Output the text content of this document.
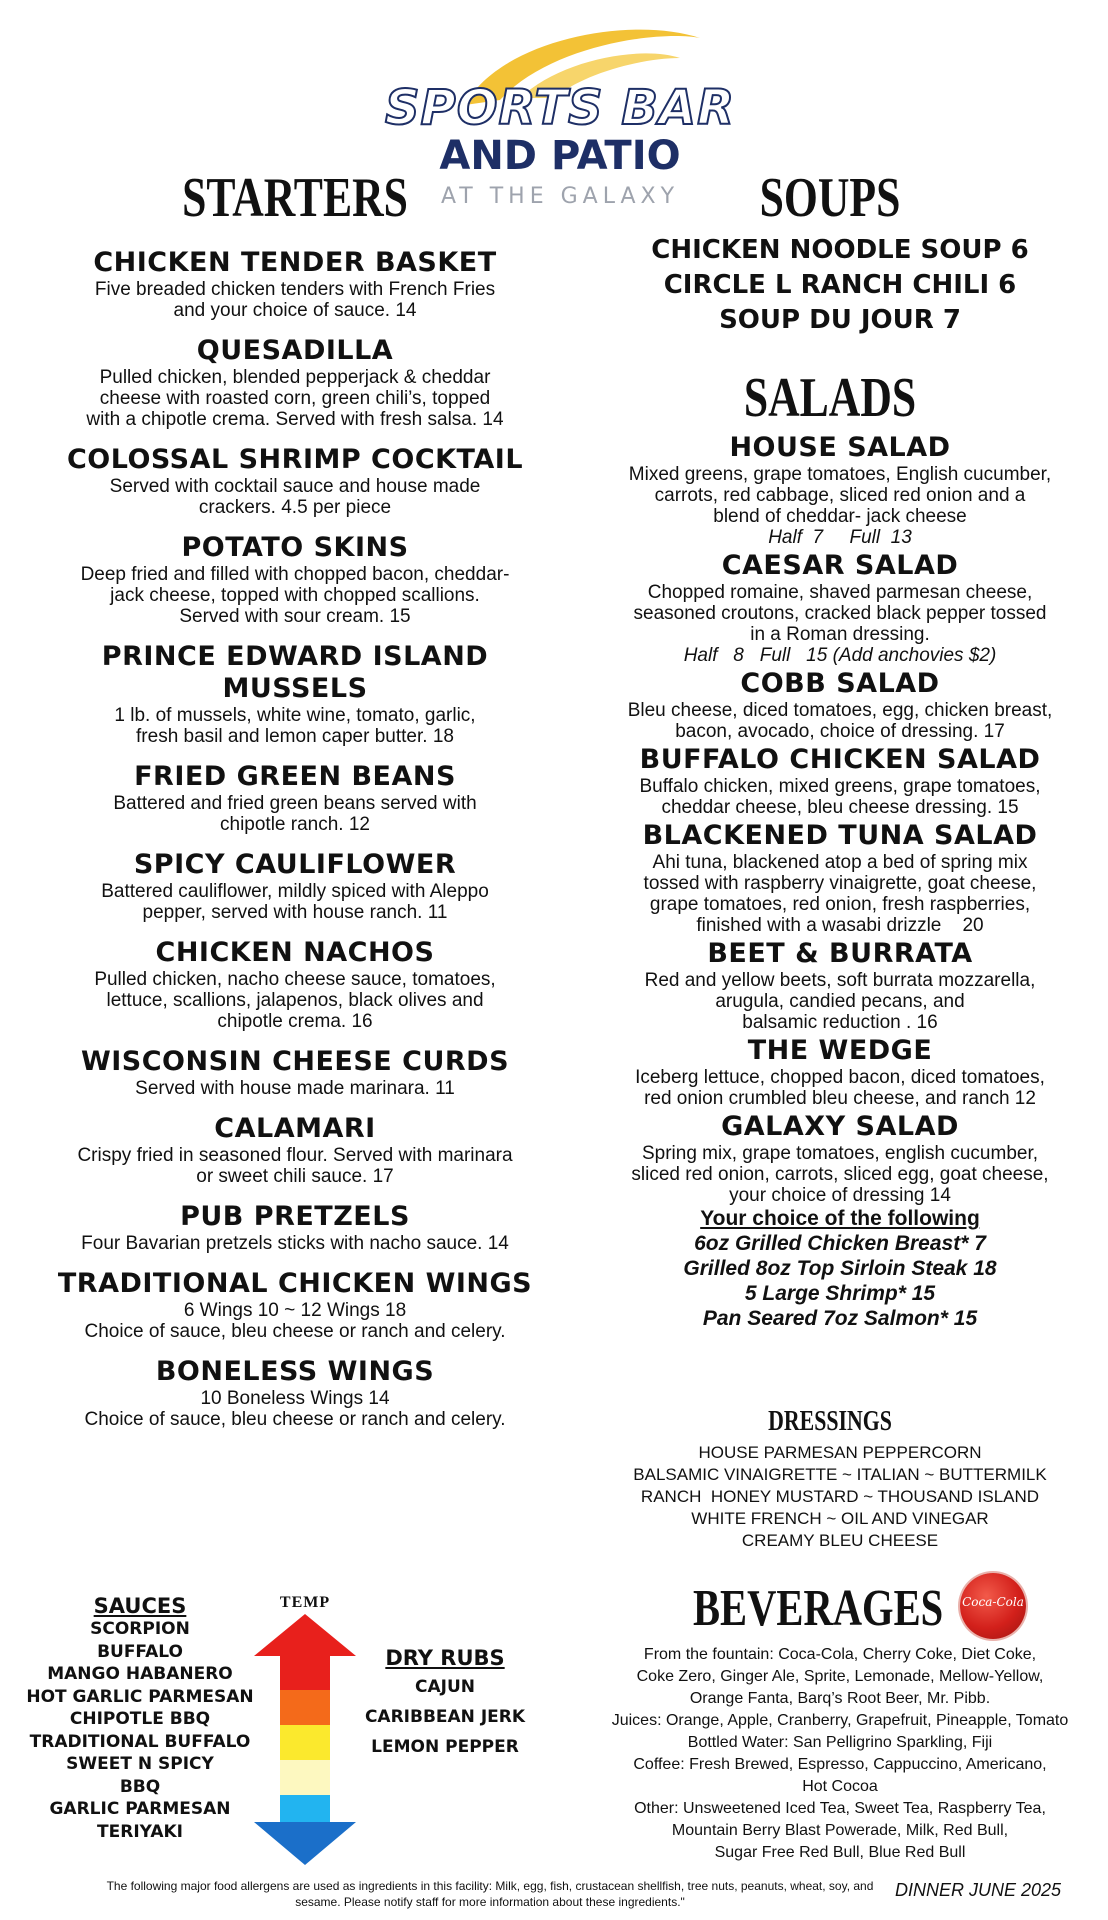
SPORTS BAR
AND PATIO
AT THE GALAXY
STARTERS
CHICKEN TENDER BASKET
Five breaded chicken tenders with French Fries
and your choice of sauce. 14
QUESADILLA
Pulled chicken, blended pepperjack & cheddar
cheese with roasted corn, green chili’s, topped
with a chipotle crema. Served with fresh salsa. 14
COLOSSAL SHRIMP COCKTAIL
Served with cocktail sauce and house made
crackers. 4.5 per piece
POTATO SKINS
Deep fried and filled with chopped bacon, cheddar-
jack cheese, topped with chopped scallions.
Served with sour cream. 15
PRINCE EDWARD ISLAND
MUSSELS
1 lb. of mussels, white wine, tomato, garlic,
fresh basil and lemon caper butter. 18
FRIED GREEN BEANS
Battered and fried green beans served with
chipotle ranch. 12
SPICY CAULIFLOWER
Battered cauliflower, mildly spiced with Aleppo
pepper, served with house ranch. 11
CHICKEN NACHOS
Pulled chicken, nacho cheese sauce, tomatoes,
lettuce, scallions, jalapenos, black olives and
chipotle crema. 16
WISCONSIN CHEESE CURDS
Served with house made marinara. 11
CALAMARI
Crispy fried in seasoned flour. Served with marinara
or sweet chili sauce. 17
PUB PRETZELS
Four Bavarian pretzels sticks with nacho sauce. 14
TRADITIONAL CHICKEN WINGS
6 Wings 10 ~ 12 Wings 18
Choice of sauce, bleu cheese or ranch and celery.
BONELESS WINGS
10 Boneless Wings 14
Choice of sauce, bleu cheese or ranch and celery.
SOUPS
CHICKEN NOODLE SOUP 6
CIRCLE L RANCH CHILI 6
SOUP DU JOUR 7
SALADS
HOUSE SALAD
Mixed greens, grape tomatoes, English cucumber,
carrots, red cabbage, sliced red onion and a
blend of cheddar- jack cheese
Half  7     Full  13
CAESAR SALAD
Chopped romaine, shaved parmesan cheese,
seasoned croutons, cracked black pepper tossed
in a Roman dressing.
Half   8   Full   15 (Add anchovies $2)
COBB SALAD
Bleu cheese, diced tomatoes, egg, chicken breast,
bacon, avocado, choice of dressing. 17
BUFFALO CHICKEN SALAD
Buffalo chicken, mixed greens, grape tomatoes,
cheddar cheese, bleu cheese dressing. 15
BLACKENED TUNA SALAD
Ahi tuna, blackened atop a bed of spring mix
tossed with raspberry vinaigrette, goat cheese,
grape tomatoes, red onion, fresh raspberries,
finished with a wasabi drizzle    20
BEET & BURRATA
Red and yellow beets, soft burrata mozzarella,
arugula, candied pecans, and
balsamic reduction . 16
THE WEDGE
Iceberg lettuce, chopped bacon, diced tomatoes,
red onion crumbled bleu cheese, and ranch 12
GALAXY SALAD
Spring mix, grape tomatoes, english cucumber,
sliced red onion, carrots, sliced egg, goat cheese,
your choice of dressing 14
Your choice of the following
6oz Grilled Chicken Breast* 7
Grilled 8oz Top Sirloin Steak 18
5 Large Shrimp* 15
Pan Seared 7oz Salmon* 15
DRESSINGS
HOUSE PARMESAN PEPPERCORN
BALSAMIC VINAIGRETTE ~ ITALIAN ~ BUTTERMILK
RANCH  HONEY MUSTARD ~ THOUSAND ISLAND
WHITE FRENCH ~ OIL AND VINEGAR
CREAMY BLEU CHEESE
BEVERAGES Coca-Cola
From the fountain: Coca-Cola, Cherry Coke, Diet Coke,
Coke Zero, Ginger Ale, Sprite, Lemonade, Mellow-Yellow,
Orange Fanta, Barq’s Root Beer, Mr. Pibb.
Juices: Orange, Apple, Cranberry, Grapefruit, Pineapple, Tomato
Bottled Water: San Pelligrino Sparkling, Fiji
Coffee: Fresh Brewed, Espresso, Cappuccino, Americano,
Hot Cocoa
Other: Unsweetened Iced Tea, Sweet Tea, Raspberry Tea,
Mountain Berry Blast Powerade, Milk, Red Bull,
Sugar Free Red Bull, Blue Red Bull
SAUCES
SCORPION
BUFFALO
MANGO HABANERO
HOT GARLIC PARMESAN
CHIPOTLE BBQ
TRADITIONAL BUFFALO
SWEET N SPICY
BBQ
GARLIC PARMESAN
TERIYAKI
TEMP
DRY RUBS
CAJUN
CARIBBEAN JERK
LEMON PEPPER
The following major food allergens are used as ingredients in this facility: Milk, egg, fish, crustacean shellfish, tree nuts, peanuts, wheat, soy, and sesame. Please notify staff for more information about these ingredients."
DINNER JUNE 2025
